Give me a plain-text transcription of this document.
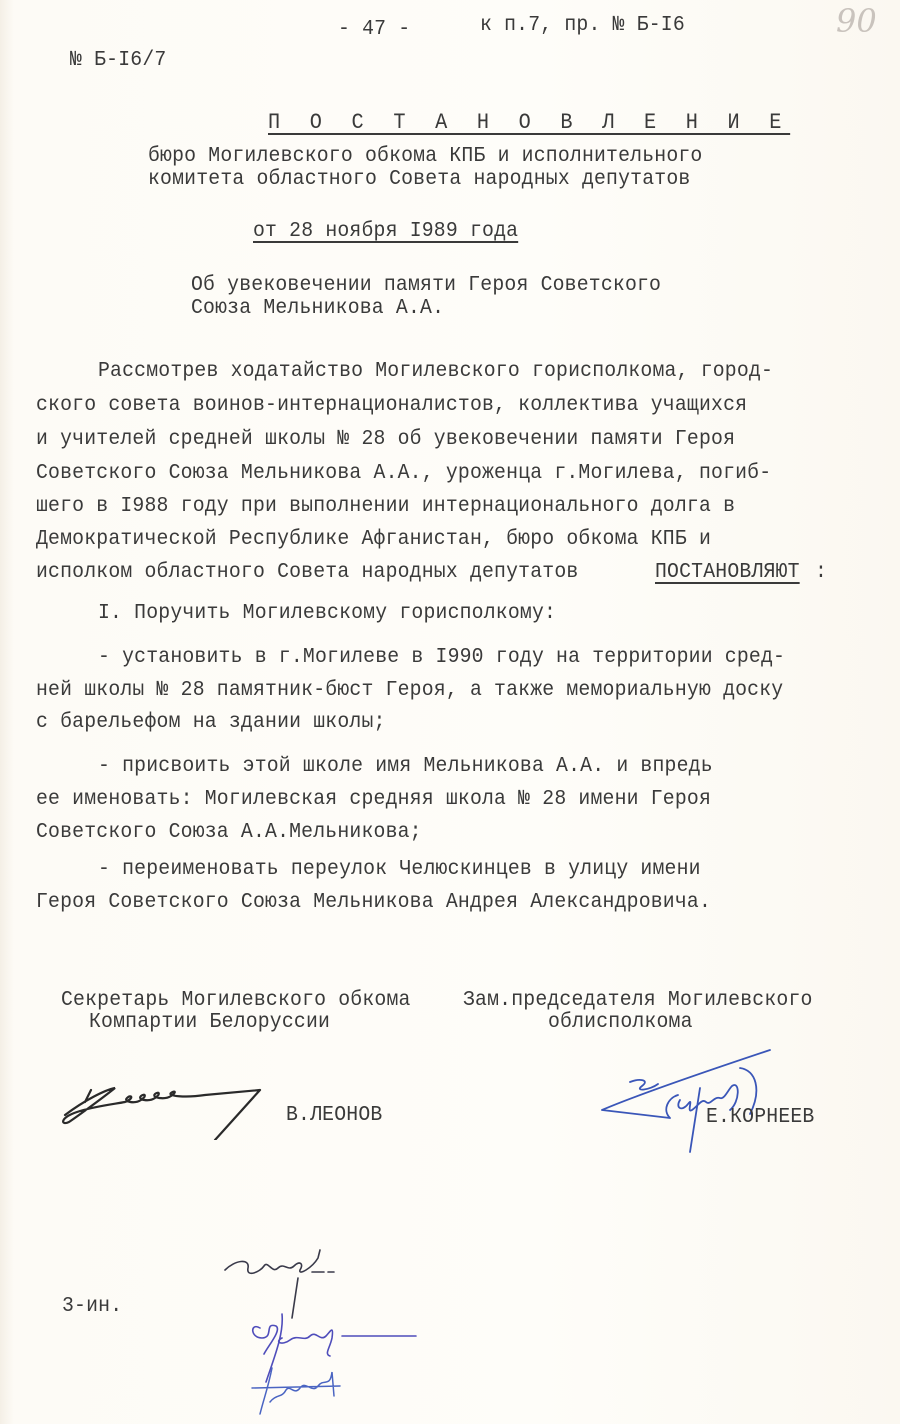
- 47 -	к п.7, пр. № Б-I6	90
№ Б-I6/7
П О С Т А Н О В Л Е Н И Е
бюро Могилевского обкома КПБ и исполнительного
комитета областного Совета народных депутатов
от 28 ноября I989 года
Об увековечении памяти Героя Советского
Союза Мельникова А.А.
Рассмотрев ходатайство Могилевского горисполкома, город-
ского совета воинов-интернационалистов, коллектива учащихся
и учителей средней школы № 28 об увековечении памяти Героя
Советского Союза Мельникова А.А., уроженца г.Могилева, погиб-
шего в I988 году при выполнении интернационального долга в
Демократической Республике Афганистан, бюро обкома КПБ и
исполком областного Совета народных депутатов	ПОСТАНОВЛЯЮТ :
I. Поручить Могилевскому горисполкому:
- установить в г.Могилеве в I990 году на территории сред-
ней школы № 28 памятник-бюст Героя, а также мемориальную доску
с барельефом на здании школы;
- присвоить этой школе имя Мельникова А.А. и впредь
ее именовать: Могилевская средняя школа № 28 имени Героя
Советского Союза А.А.Мельникова;
- переименовать переулок Челюскинцев в улицу имени
Героя Советского Союза Мельникова Андрея Александровича.
Секретарь Могилевского обкома
Компартии Белоруссии
Зам.председателя Могилевского
облисполкома
В.ЛЕОНОВ	Е.КОРНЕЕВ
3-ин.
